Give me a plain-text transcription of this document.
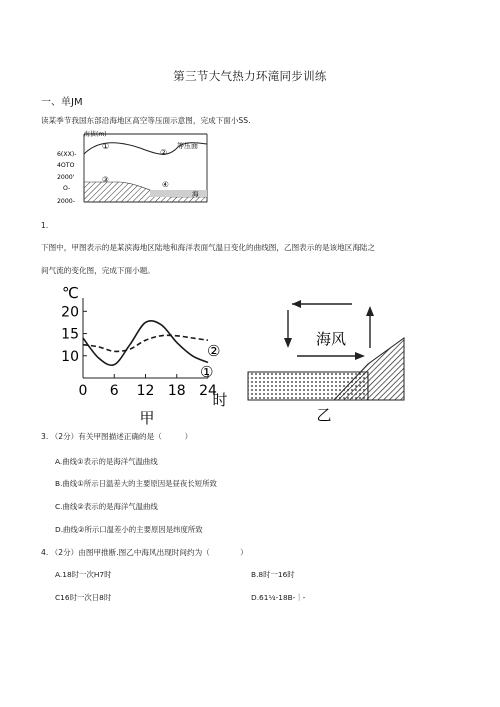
第三节大气热力环滝同步训练
一、单JM
读某季节我国东部沿海地区高空等压面示意图，完成下面小SS.
海拔(m)
6(XX)-
4OTO
2000'
O-
2000-
①
②
等压面
③
④
海
1.
下图中，甲图表示的是某滨海地区陆地和海洋表面气温日变化的曲线图，乙图表示的是该地区海陆之
间气流的变化图，完成下面小题。
℃
20
15
10
0 6 12 18 24
时
甲
②
①
海风
乙
3. （2分）有关甲图描述正确的是（　　　）
A.曲线①表示的是海洋气温曲线
B.曲线①所示日温差大的主要原因是昼夜长短所致
C.曲线②表示的是海洋气温曲线
D.曲线②所示口温差小的主要原因是纬度所致
4. （2分）由图甲推断.图乙中海风出现时间约为（　　　　）
A.18时一次H7时	B.8时一16时
C16时一次日8时	D.61⅟₄-18B-｜-
